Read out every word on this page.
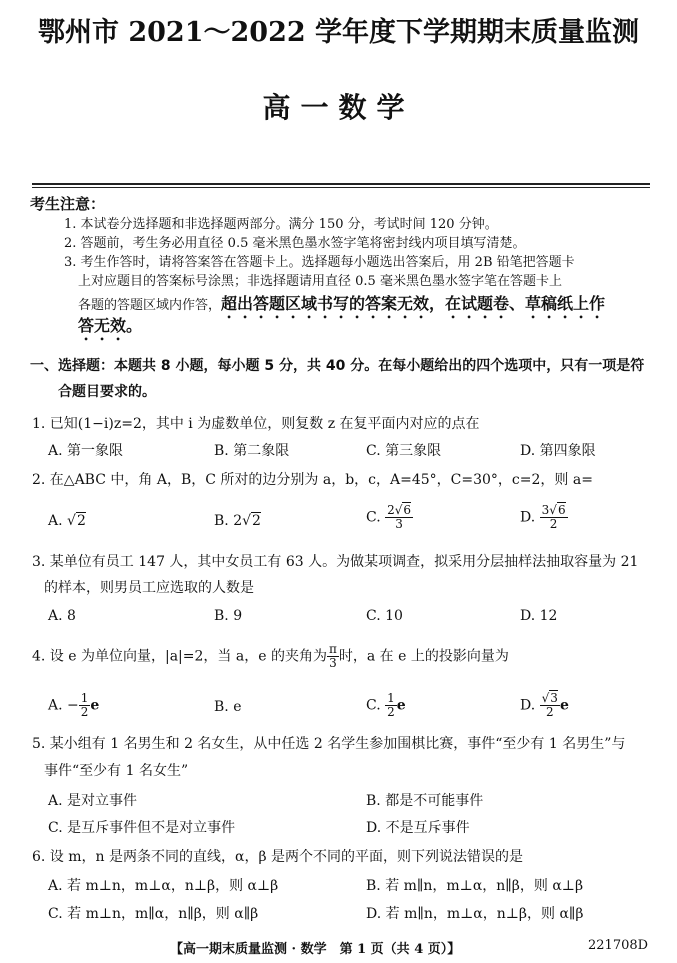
鄂州市 2021～2022 学年度下学期期末质量监测
高一数学
考生注意：
1. 本试卷分选择题和非选择题两部分。满分 150 分，考试时间 120 分钟。
2. 答题前，考生务必用直径 0.5 毫米黑色墨水签字笔将密封线内项目填写清楚。
3. 考生作答时，请将答案答在答题卡上。选择题每小题选出答案后，用 2B 铅笔把答题卡
上对应题目的答案标号涂黑；非选择题请用直径 0.5 毫米黑色墨水签字笔在答题卡上
各题的答题区域内作答，超出答题区域书写的答案无效，在试题卷、草稿纸上作
答无效。
一、选择题：本题共 8 小题，每小题 5 分，共 40 分。在每小题给出的四个选项中，只有一项是符
合题目要求的。
1. 已知(1−i)z=2，其中 i 为虚数单位，则复数 z 在复平面内对应的点在
A. 第一象限	B. 第二象限	C. 第三象限	D. 第四象限
2. 在△ABC 中，角 A，B，C 所对的边分别为 a，b，c，A=45°，C=30°，c=2，则 a=
A. √2	B. 2√2	C. $\frac{2√6}{3}$	D. $\frac{3√6}{2}$
3. 某单位有员工 147 人，其中女员工有 63 人。为做某项调查，拟采用分层抽样法抽取容量为 21
的样本，则男员工应选取的人数是
A. 8	B. 9	C. 10	D. 12
4. 设 e 为单位向量，|a|=2，当 a，e 的夹角为 $\frac{\pi}{3}$ 时，a 在 e 上的投影向量为
A. − $\frac{1}{2}$ e	B. e	C. $\frac{1}{2}$ e	D. $\frac{√3}{2}$ e
5. 某小组有 1 名男生和 2 名女生，从中任选 2 名学生参加围棋比赛，事件“至少有 1 名男生”与
事件“至少有 1 名女生”
A. 是对立事件	B. 都是不可能事件
C. 是互斥事件但不是对立事件	D. 不是互斥事件
6. 设 m，n 是两条不同的直线，α，β 是两个不同的平面，则下列说法错误的是
A. 若 m⊥n，m⊥α，n⊥β，则 α⊥β	B. 若 m∥n，m⊥α，n∥β，则 α⊥β
C. 若 m⊥n，m∥α，n∥β，则 α∥β	D. 若 m∥n，m⊥α，n⊥β，则 α∥β
【高一期末质量监测 · 数学　第 1 页（共 4 页）】	221708D
